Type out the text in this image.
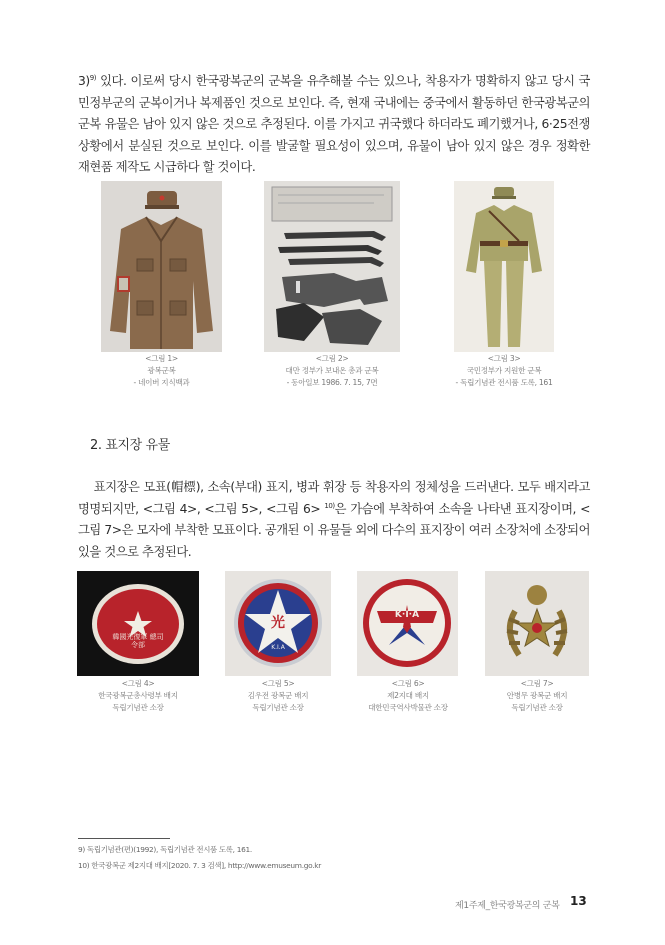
3)$^{9)}$ 있다. 이로써 당시 한국광복군의 군복을 유추해볼 수는 있으나, 착용자가 명확하지 않고 당시 국민정부군의 군복이거나 복제품인 것으로 보인다. 즉, 현재 국내에는 중국에서 활동하던 한국광복군의 군복 유물은 남아 있지 않은 것으로 추정된다. 이를 가지고 귀국했다 하더라도 폐기했거나, 6·25전쟁 상황에서 분실된 것으로 보인다. 이를 발굴할 필요성이 있으며, 유물이 남아 있지 않은 경우 정확한 재현품 제작도 시급하다 할 것이다.
<그림 1>
광복군복
- 네이버 지식백과
<그림 2>
대만 정부가 보내온 총과 군복
- 동아일보 1986. 7. 15, 7면
<그림 3>
국민정부가 지원한 군복
- 독립기념관 전시품 도록, 161
2. 표지장 유물
표지장은 모표(帽標), 소속(부대) 표지, 병과 휘장 등 착용자의 정체성을 드러낸다. 모두 배지라고 명명되지만, <그림 4>, <그림 5>, <그림 6> $^{10)}$은 가슴에 부착하여 소속을 나타낸 표지장이며, <그림 7>은 모자에 부착한 모표이다. 공개된 이 유물들 외에 다수의 표지장이 여러 소장처에 소장되어 있을 것으로 추정된다.
韓國光復軍 總司令部
<그림 4>
한국광복군총사령부 배지
독립기념관 소장
光
K.I.A
<그림 5>
김우전 광복군 배지
독립기념관 소장
K·I·A
<그림 6>
제2지대 배지
대한민국역사박물관 소장
<그림 7>
안병무 광복군 배지
독립기념관 소장
9) 독립기념관(편)(1992), 독립기념관 전시품 도록, 161.
10) 한국광복군 제2지대 배지[2020. 7. 3 검색], http://www.emuseum.go.kr
제1주제_한국광복군의 군복 13
